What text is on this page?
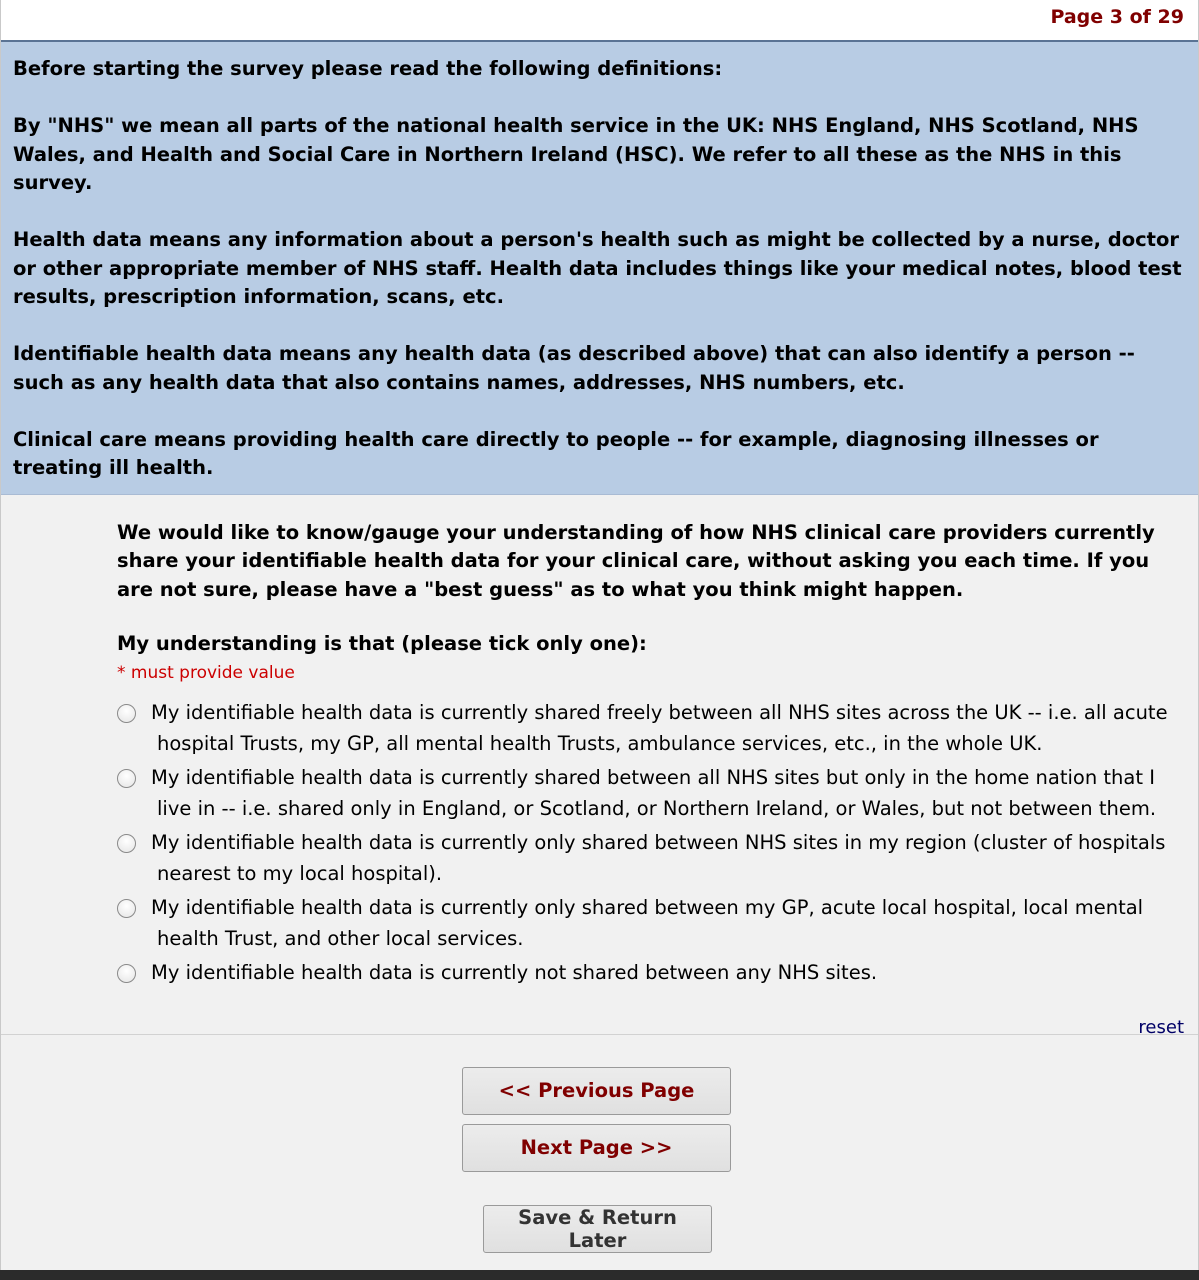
Page 3 of 29

Before starting the survey please read the following definitions:

By "NHS" we mean all parts of the national health service in the UK: NHS England, NHS Scotland, NHS Wales, and Health and Social Care in Northern Ireland (HSC). We refer to all these as the NHS in this survey.

Health data means any information about a person's health such as might be collected by a nurse, doctor or other appropriate member of NHS staff. Health data includes things like your medical notes, blood test results, prescription information, scans, etc.

Identifiable health data means any health data (as described above) that can also identify a person -- such as any health data that also contains names, addresses, NHS numbers, etc.

Clinical care means providing health care directly to people -- for example, diagnosing illnesses or treating ill health.

We would like to know/gauge your understanding of how NHS clinical care providers currently share your identifiable health data for your clinical care, without asking you each time. If you are not sure, please have a "best guess" as to what you think might happen.
My understanding is that (please tick only one):
* must provide value
My identifiable health data is currently shared freely between all NHS sites across the UK -- i.e. all acute hospital Trusts, my GP, all mental health Trusts, ambulance services, etc., in the whole UK.
My identifiable health data is currently shared between all NHS sites but only in the home nation that I live in -- i.e. shared only in England, or Scotland, or Northern Ireland, or Wales, but not between them.
My identifiable health data is currently only shared between NHS sites in my region (cluster of hospitals nearest to my local hospital).
My identifiable health data is currently only shared between my GP, acute local hospital, local mental health Trust, and other local services.
My identifiable health data is currently not shared between any NHS sites.
reset
<< Previous Page
Next Page >>
Save & Return Later
